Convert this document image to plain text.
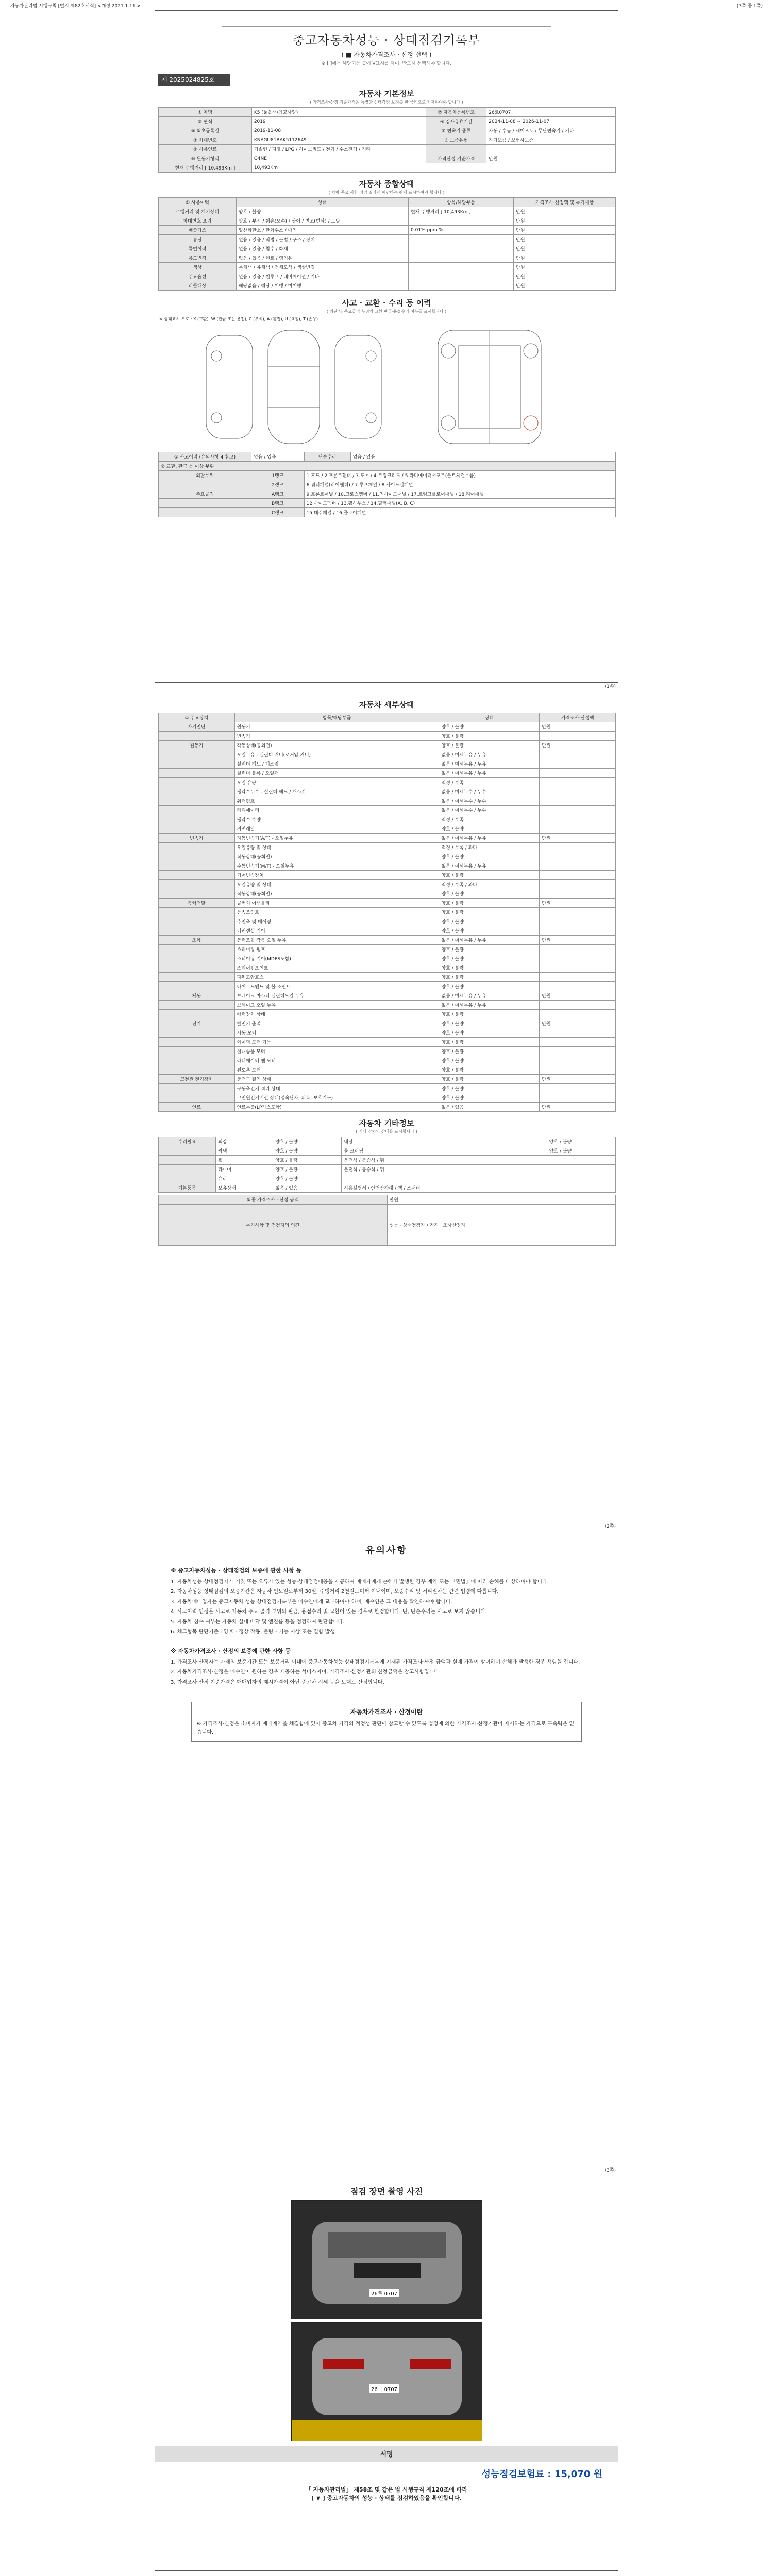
자동차관리법 시행규칙 [별지 제82호서식] <개정 2021.1.11.>	(3쪽 중 1쪽)
중고자동차성능 · 상태점검기록부
( ■ 자동차가격조사 · 산정 선택 )
※ [ ]에는 해당되는 곳에 V표시를 하며, 반드시 선택해야 합니다.
제 2025024825호
자동차 기본정보
( 가격조사·산정 기준가격은 특별한 상태감점 보정을 한 금액으로 기재하여야 합니다 )
① 차명	K5 (풀옵션/최고사양)	② 자동차등록번호	26로0707
③ 연식	2019	④ 검사유효기간	2024-11-08 ~ 2026-11-07
⑤ 최초등록일	2019-11-08	⑥ 변속기 종류	자동 / 수동 / 세미오토 / 무단변속기 / 기타
⑦ 차대번호	KNAGU81BAK5112649	⑧ 보증유형	자가보증 / 보험사보증
⑨ 사용연료	가솔린 / 디젤 / LPG / 하이브리드 / 전기 / 수소전기 / 기타		
⑩ 원동기형식	G4NE	가격산정 기준가격	만원
현재 주행거리 [ 10,493Km ]	10,493Km		
자동차 종합상태
( 차량 주요 사항 점검 결과에 해당하는 란에 표시하여야 합니다 )
① 사용이력	상태	항목/해당부품	가격조사·산정액 및 특기사항
주행거리 및 계기상태	양호 / 불량	현재 주행거리 [ 10,493Km ]	만원
차대번호 표기	양호 / 부식 / 훼손(오손) / 상이 / 변조(변타) / 도말		만원
배출가스	일산화탄소 / 탄화수소 / 매연	0.01% ppm %	만원
튜닝	없음 / 있음 / 적법 / 불법 / 구조 / 장치		만원
특별이력	없음 / 있음 / 침수 / 화재		만원
용도변경	없음 / 있음 / 렌트 / 영업용		만원
색상	무채색 / 유채색 / 전체도색 / 색상변경		만원
주요옵션	없음 / 있음 / 썬루프 / 내비게이션 / 기타		만원
리콜대상	해당없음 / 해당 / 이행 / 미이행		만원
사고 · 교환 · 수리 등 이력
( 외판 및 주요골격 부위의 교환·판금·용접수리 여부를 표시합니다 )
※ 상태표시 부호 : X (교환), W (판금 또는 용접), C (부식), A (흠집), U (요철), T (손상)
① 사고이력 (유의사항 4 참고)	없음 / 있음	단순수리	없음 / 있음
② 교환, 판금 등 이상 부위			
외판부위	1랭크	1.후드 / 2.프론트휀더 / 3.도어 / 4.트렁크리드 / 5.라디에이터서포트(볼트체결부품)	
	2랭크	6.쿼터패널(리어휀더) / 7.루프패널 / 8.사이드실패널	
주요골격	A랭크	9.프론트패널 / 10.크로스멤버 / 11.인사이드패널 / 17.트렁크플로어패널 / 18.리어패널	
	B랭크	12.사이드멤버 / 13.휠하우스 / 14.필러패널(A, B, C)	
	C랭크	15.대쉬패널 / 16.플로어패널	
(1쪽)
자동차 세부상태
① 주요장치	항목/해당부품	상태	가격조사·산정액
자기진단	원동기	양호 / 불량	만원
	변속기	양호 / 불량	
원동기	작동상태(공회전)	양호 / 불량	만원
	오일누유 - 실린더 커버(로커암 커버)	없음 / 미세누유 / 누유	
	실린더 헤드 / 개스킷	없음 / 미세누유 / 누유	
	실린더 블록 / 오일팬	없음 / 미세누유 / 누유	
	오일 유량	적정 / 부족	
	냉각수누수 - 실린더 헤드 / 개스킷	없음 / 미세누수 / 누수	
	워터펌프	없음 / 미세누수 / 누수	
	라디에이터	없음 / 미세누수 / 누수	
	냉각수 수량	적정 / 부족	
	커먼레일	양호 / 불량	
변속기	자동변속기(A/T) - 오일누유	없음 / 미세누유 / 누유	만원
	오일유량 및 상태	적정 / 부족 / 과다	
	작동상태(공회전)	양호 / 불량	
	수동변속기(M/T) - 오일누유	없음 / 미세누유 / 누유	
	기어변속장치	양호 / 불량	
	오일유량 및 상태	적정 / 부족 / 과다	
	작동상태(공회전)	양호 / 불량	
동력전달	클러치 어셈블리	양호 / 불량	만원
	등속조인트	양호 / 불량	
	추진축 및 베어링	양호 / 불량	
	디퍼렌셜 기어	양호 / 불량	
조향	동력조향 작동 오일 누유	없음 / 미세누유 / 누유	만원
	스티어링 펌프	양호 / 불량	
	스티어링 기어(MDPS포함)	양호 / 불량	
	스티어링조인트	양호 / 불량	
	파워고압호스	양호 / 불량	
	타이로드엔드 및 볼 조인트	양호 / 불량	
제동	브레이크 마스터 실린더오일 누유	없음 / 미세누유 / 누유	만원
	브레이크 오일 누유	없음 / 미세누유 / 누유	
	배력장치 상태	양호 / 불량	
전기	발전기 출력	양호 / 불량	만원
	시동 모터	양호 / 불량	
	와이퍼 모터 기능	양호 / 불량	
	실내송풍 모터	양호 / 불량	
	라디에이터 팬 모터	양호 / 불량	
	윈도우 모터	양호 / 불량	
고전원 전기장치	충전구 절연 상태	양호 / 불량	만원
	구동축전지 격리 상태	양호 / 불량	
	고전원전기배선 상태(접속단자, 피복, 보호기구)	양호 / 불량	
연료	연료누출(LP가스포함)	없음 / 있음	만원
자동차 기타정보
( 기타 장치의 상태를 표시합니다 )
수리필요	외장	양호 / 불량	내장	양호 / 불량
	광택	양호 / 불량	룸 크리닝	양호 / 불량
	휠	양호 / 불량	운전석 / 동승석 / 뒤	
	타이어	양호 / 불량	운전석 / 동승석 / 뒤	
	유리	양호 / 불량		
기본품목	보유상태	없음 / 있음	사용설명서 / 안전삼각대 / 잭 / 스패너	
최종 가격조사 · 산정 금액	만원
특기사항 및 점검자의 의견	성능 · 상태점검자 / 가격 · 조사산정자
(2쪽)
유의사항
※ 중고자동차성능 · 상태점검의 보증에 관한 사항 등

1. 자동차성능·상태점검자가 거짓 또는 오류가 있는 성능·상태점검내용을 제공하여 매매자에게 손해가 발생한 경우 계약 또는 「민법」에 따라 손해를 배상하여야 합니다.

2. 자동차성능·상태점검의 보증기간은 자동차 인도일로부터 30일, 주행거리 2천킬로미터 이내이며, 보증수리 및 처리절차는 관련 법령에 따릅니다.

3. 자동차매매업자는 중고자동차 성능·상태점검기록부를 매수인에게 교부하여야 하며, 매수인은 그 내용을 확인하여야 합니다.

4. 사고이력 인정은 사고로 자동차 주요 골격 부위의 판금, 용접수리 및 교환이 있는 경우로 한정합니다. 단, 단순수리는 사고로 보지 않습니다.

5. 자동차 침수 여부는 자동차 실내 바닥 및 엔진룸 등을 점검하여 판단합니다.

6. 체크항목 판단기준 : 양호 - 정상 작동, 불량 - 기능 이상 또는 결함 발생

※ 자동차가격조사 · 산정의 보증에 관한 사항 등

1. 가격조사·산정자는 아래의 보증기간 또는 보증거리 이내에 중고자동차성능·상태점검기록부에 기재된 가격조사·산정 금액과 실제 가격이 상이하여 손해가 발생한 경우 책임을 집니다.

2. 자동차가격조사·산정은 매수인이 원하는 경우 제공하는 서비스이며, 가격조사·산정기관의 산정금액은 참고사항입니다.

3. 가격조사·산정 기준가격은 매매업자의 제시가격이 아닌 중고차 시세 등을 토대로 산정합니다.

자동차가격조사 · 산정이란
※ 가격조사·산정은 소비자가 매매계약을 체결함에 있어 중고차 가격의 적정성 판단에 참고할 수 있도록 법정에 의한 가격조사·산정기관이 제시하는 가격으로 구속력은 없습니다.
(3쪽)
점검 장면 촬영 사진
26로 0707
26로 0707
서명
성능점검보험료 : 15,070 원
「 자동차관리법」 제58조 및 같은 법 시행규칙 제120조에 따라
[ ∨ ] 중고자동차의 성능 · 상태를 점검하였음을 확인합니다.
